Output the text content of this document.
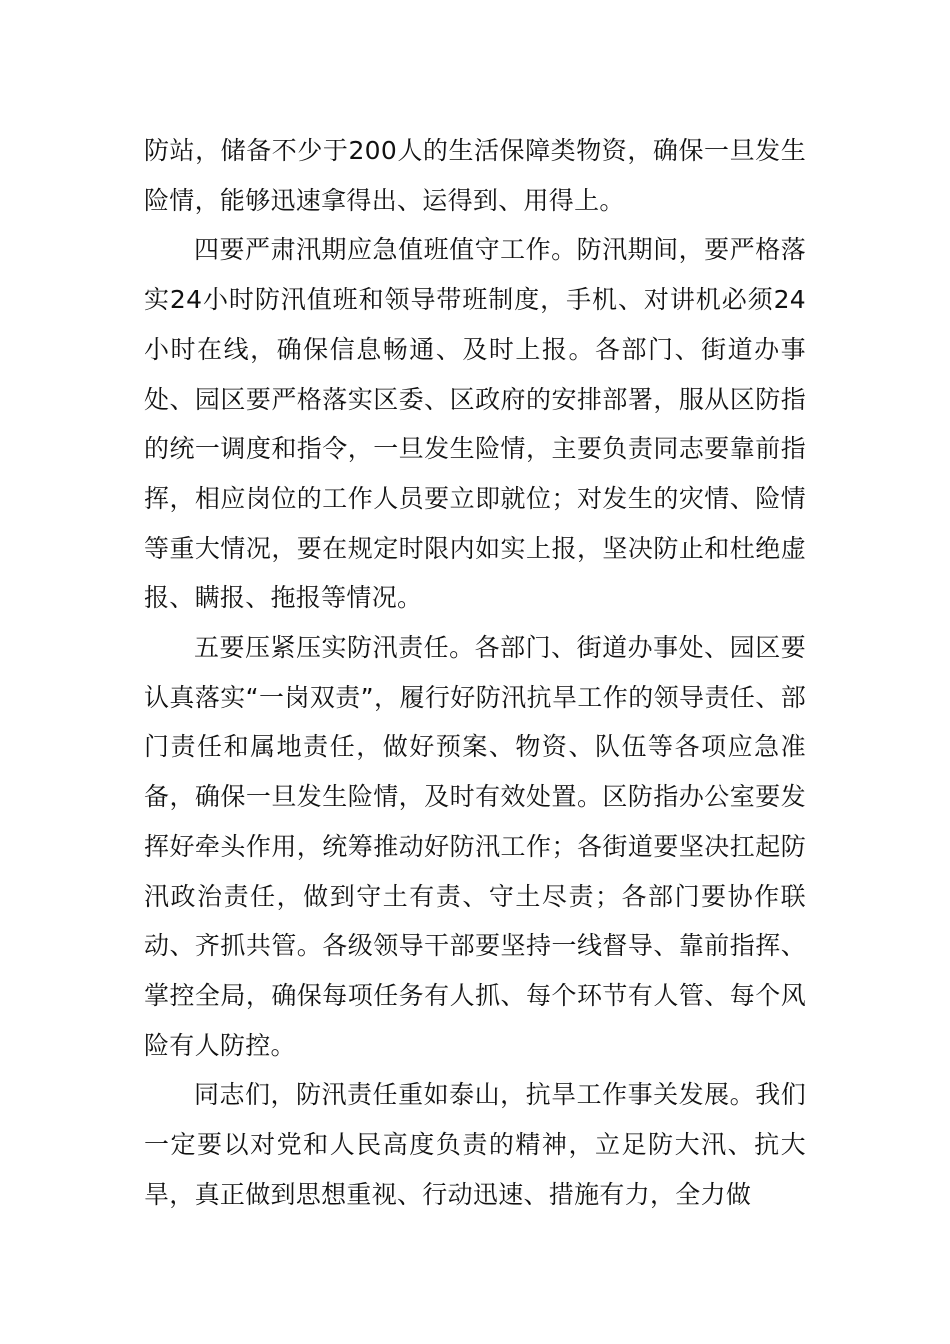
防站，储备不少于200人的生活保障类物资，确保一旦发生险情，能够迅速拿得出、运得到、用得上。

四要严肃汛期应急值班值守工作。防汛期间，要严格落实24小时防汛值班和领导带班制度，手机、对讲机必须24小时在线，确保信息畅通、及时上报。各部门、街道办事处、园区要严格落实区委、区政府的安排部署，服从区防指的统一调度和指令，一旦发生险情，主要负责同志要靠前指挥，相应岗位的工作人员要立即就位；对发生的灾情、险情等重大情况，要在规定时限内如实上报，坚决防止和杜绝虚报、瞒报、拖报等情况。

五要压紧压实防汛责任。各部门、街道办事处、园区要认真落实“一岗双责”，履行好防汛抗旱工作的领导责任、部门责任和属地责任，做好预案、物资、队伍等各项应急准备，确保一旦发生险情，及时有效处置。区防指办公室要发挥好牵头作用，统筹推动好防汛工作；各街道要坚决扛起防汛政治责任，做到守土有责、守土尽责；各部门要协作联动、齐抓共管。各级领导干部要坚持一线督导、靠前指挥、掌控全局，确保每项任务有人抓、每个环节有人管、每个风险有人防控。

同志们，防汛责任重如泰山，抗旱工作事关发展。我们一定要以对党和人民高度负责的精神，立足防大汛、抗大旱，真正做到思想重视、行动迅速、措施有力，全力做
